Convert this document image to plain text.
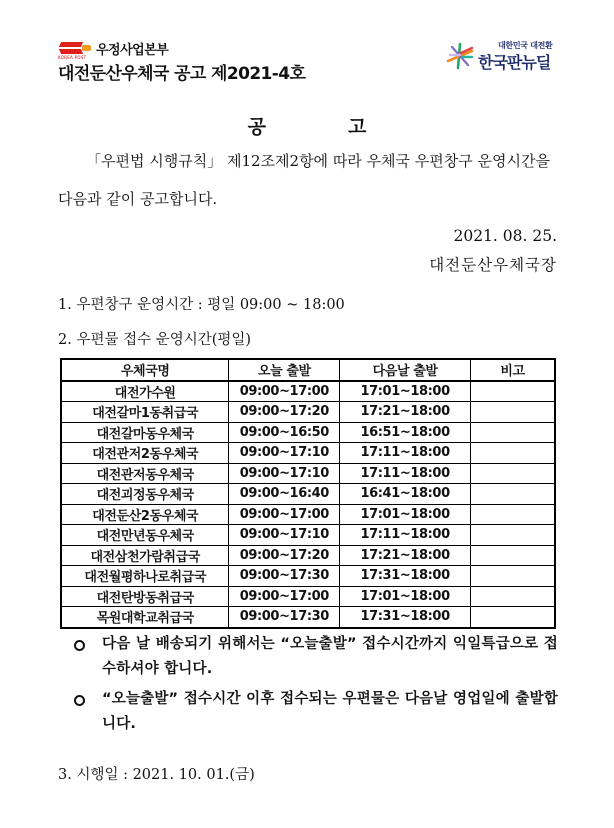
KOREA POST 우정사업본부
대전둔산우체국 공고 제2021-4호
대한민국 대전환
한국판뉴딜
공	고
「우편법 시행규칙」 제12조제2항에 따라 우체국 우편창구 운영시간을
다음과 같이 공고합니다.
2021. 08. 25.
대전둔산우체국장
1. 우편창구 운영시간 : 평일 09:00 ~ 18:00
2. 우편물 접수 운영시간(평일)
우체국명	오늘 출발	다음날 출발	비고
대전가수원	09:00~17:00	17:01~18:00	
대전갈마1동취급국	09:00~17:20	17:21~18:00	
대전갈마동우체국	09:00~16:50	16:51~18:00	
대전관저2동우체국	09:00~17:10	17:11~18:00	
대전관저동우체국	09:00~17:10	17:11~18:00	
대전괴정동우체국	09:00~16:40	16:41~18:00	
대전둔산2동우체국	09:00~17:00	17:01~18:00	
대전만년동우체국	09:00~17:10	17:11~18:00	
대전삼천가람취급국	09:00~17:20	17:21~18:00	
대전월평하나로취급국	09:00~17:30	17:31~18:00	
대전탄방동취급국	09:00~17:00	17:01~18:00	
목원대학교취급국	09:00~17:30	17:31~18:00	
다음 날 배송되기 위해서는 “오늘출발” 접수시간까지 익일특급으로 접수하셔야 합니다.
“오늘출발” 접수시간 이후 접수되는 우편물은 다음날 영업일에 출발합니다.
3. 시행일 : 2021. 10. 01.(금)
